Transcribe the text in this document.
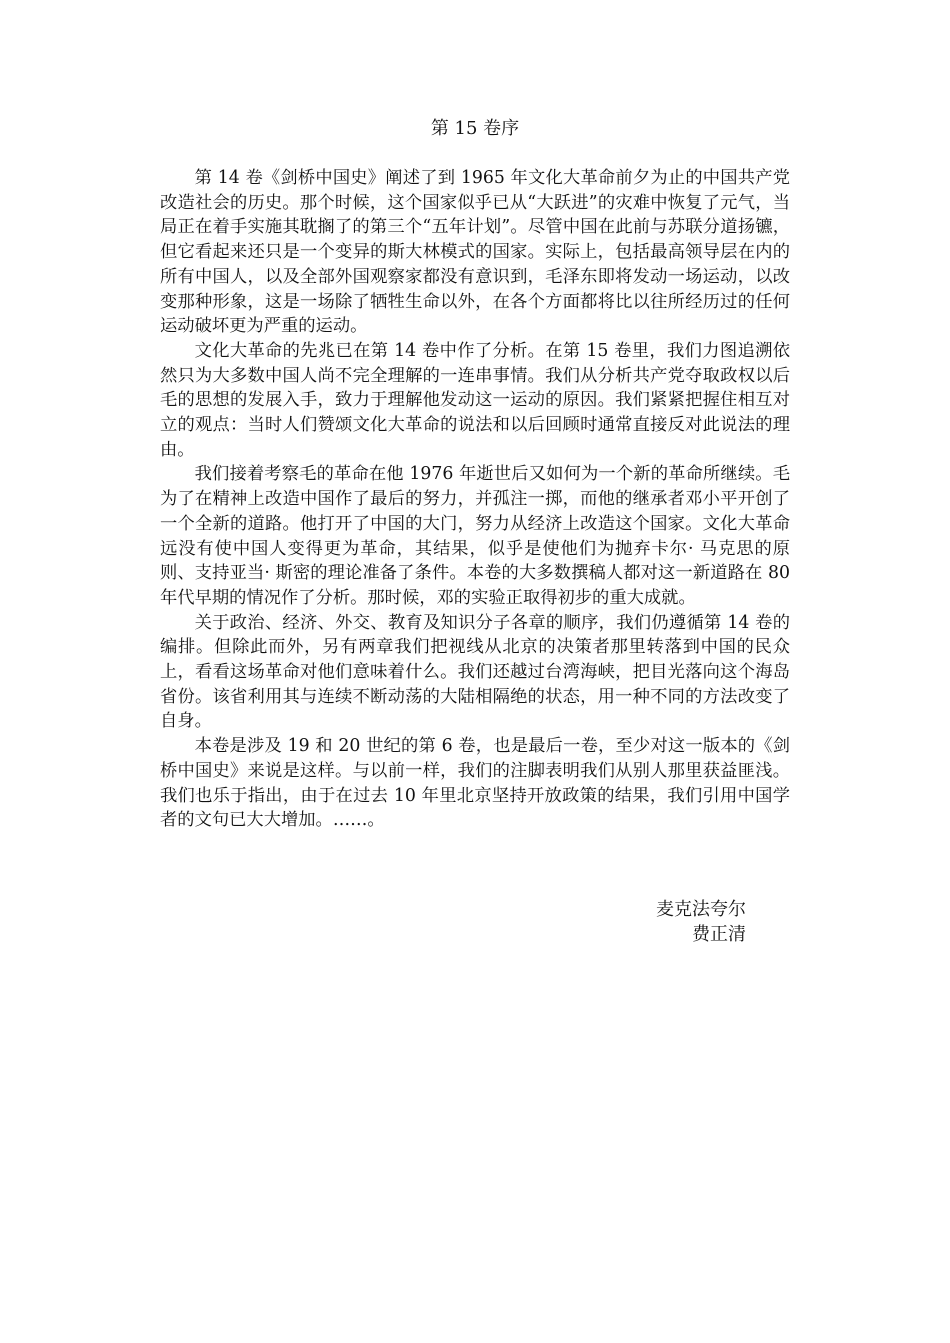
第 15 卷序

第 14 卷《剑桥中国史》阐述了到 1965 年文化大革命前夕为止的中国共产党改造社会的历史。那个时候，这个国家似乎已从“大跃进”的灾难中恢复了元气，当局正在着手实施其耽搁了的第三个“五年计划”。尽管中国在此前与苏联分道扬镳，但它看起来还只是一个变异的斯大林模式的国家。实际上，包括最高领导层在内的所有中国人，以及全部外国观察家都没有意识到，毛泽东即将发动一场运动，以改变那种形象，这是一场除了牺牲生命以外，在各个方面都将比以往所经历过的任何运动破坏更为严重的运动。

文化大革命的先兆已在第 14 卷中作了分析。在第 15 卷里，我们力图追溯依然只为大多数中国人尚不完全理解的一连串事情。我们从分析共产党夺取政权以后毛的思想的发展入手，致力于理解他发动这一运动的原因。我们紧紧把握住相互对立的观点：当时人们赞颂文化大革命的说法和以后回顾时通常直接反对此说法的理由。

我们接着考察毛的革命在他 1976 年逝世后又如何为一个新的革命所继续。毛为了在精神上改造中国作了最后的努力，并孤注一掷，而他的继承者邓小平开创了一个全新的道路。他打开了中国的大门，努力从经济上改造这个国家。文化大革命远没有使中国人变得更为革命，其结果，似乎是使他们为抛弃卡尔· 马克思的原则、支持亚当· 斯密的理论准备了条件。本卷的大多数撰稿人都对这一新道路在 80 年代早期的情况作了分析。那时候，邓的实验正取得初步的重大成就。

关于政治、经济、外交、教育及知识分子各章的顺序，我们仍遵循第 14 卷的编排。但除此而外，另有两章我们把视线从北京的决策者那里转落到中国的民众上，看看这场革命对他们意味着什么。我们还越过台湾海峡，把目光落向这个海岛省份。该省利用其与连续不断动荡的大陆相隔绝的状态，用一种不同的方法改变了自身。

本卷是涉及 19 和 20 世纪的第 6 卷，也是最后一卷，至少对这一版本的《剑桥中国史》来说是这样。与以前一样，我们的注脚表明我们从别人那里获益匪浅。我们也乐于指出，由于在过去 10 年里北京坚持开放政策的结果，我们引用中国学者的文句已大大增加。……。

麦克法夸尔
费正清
